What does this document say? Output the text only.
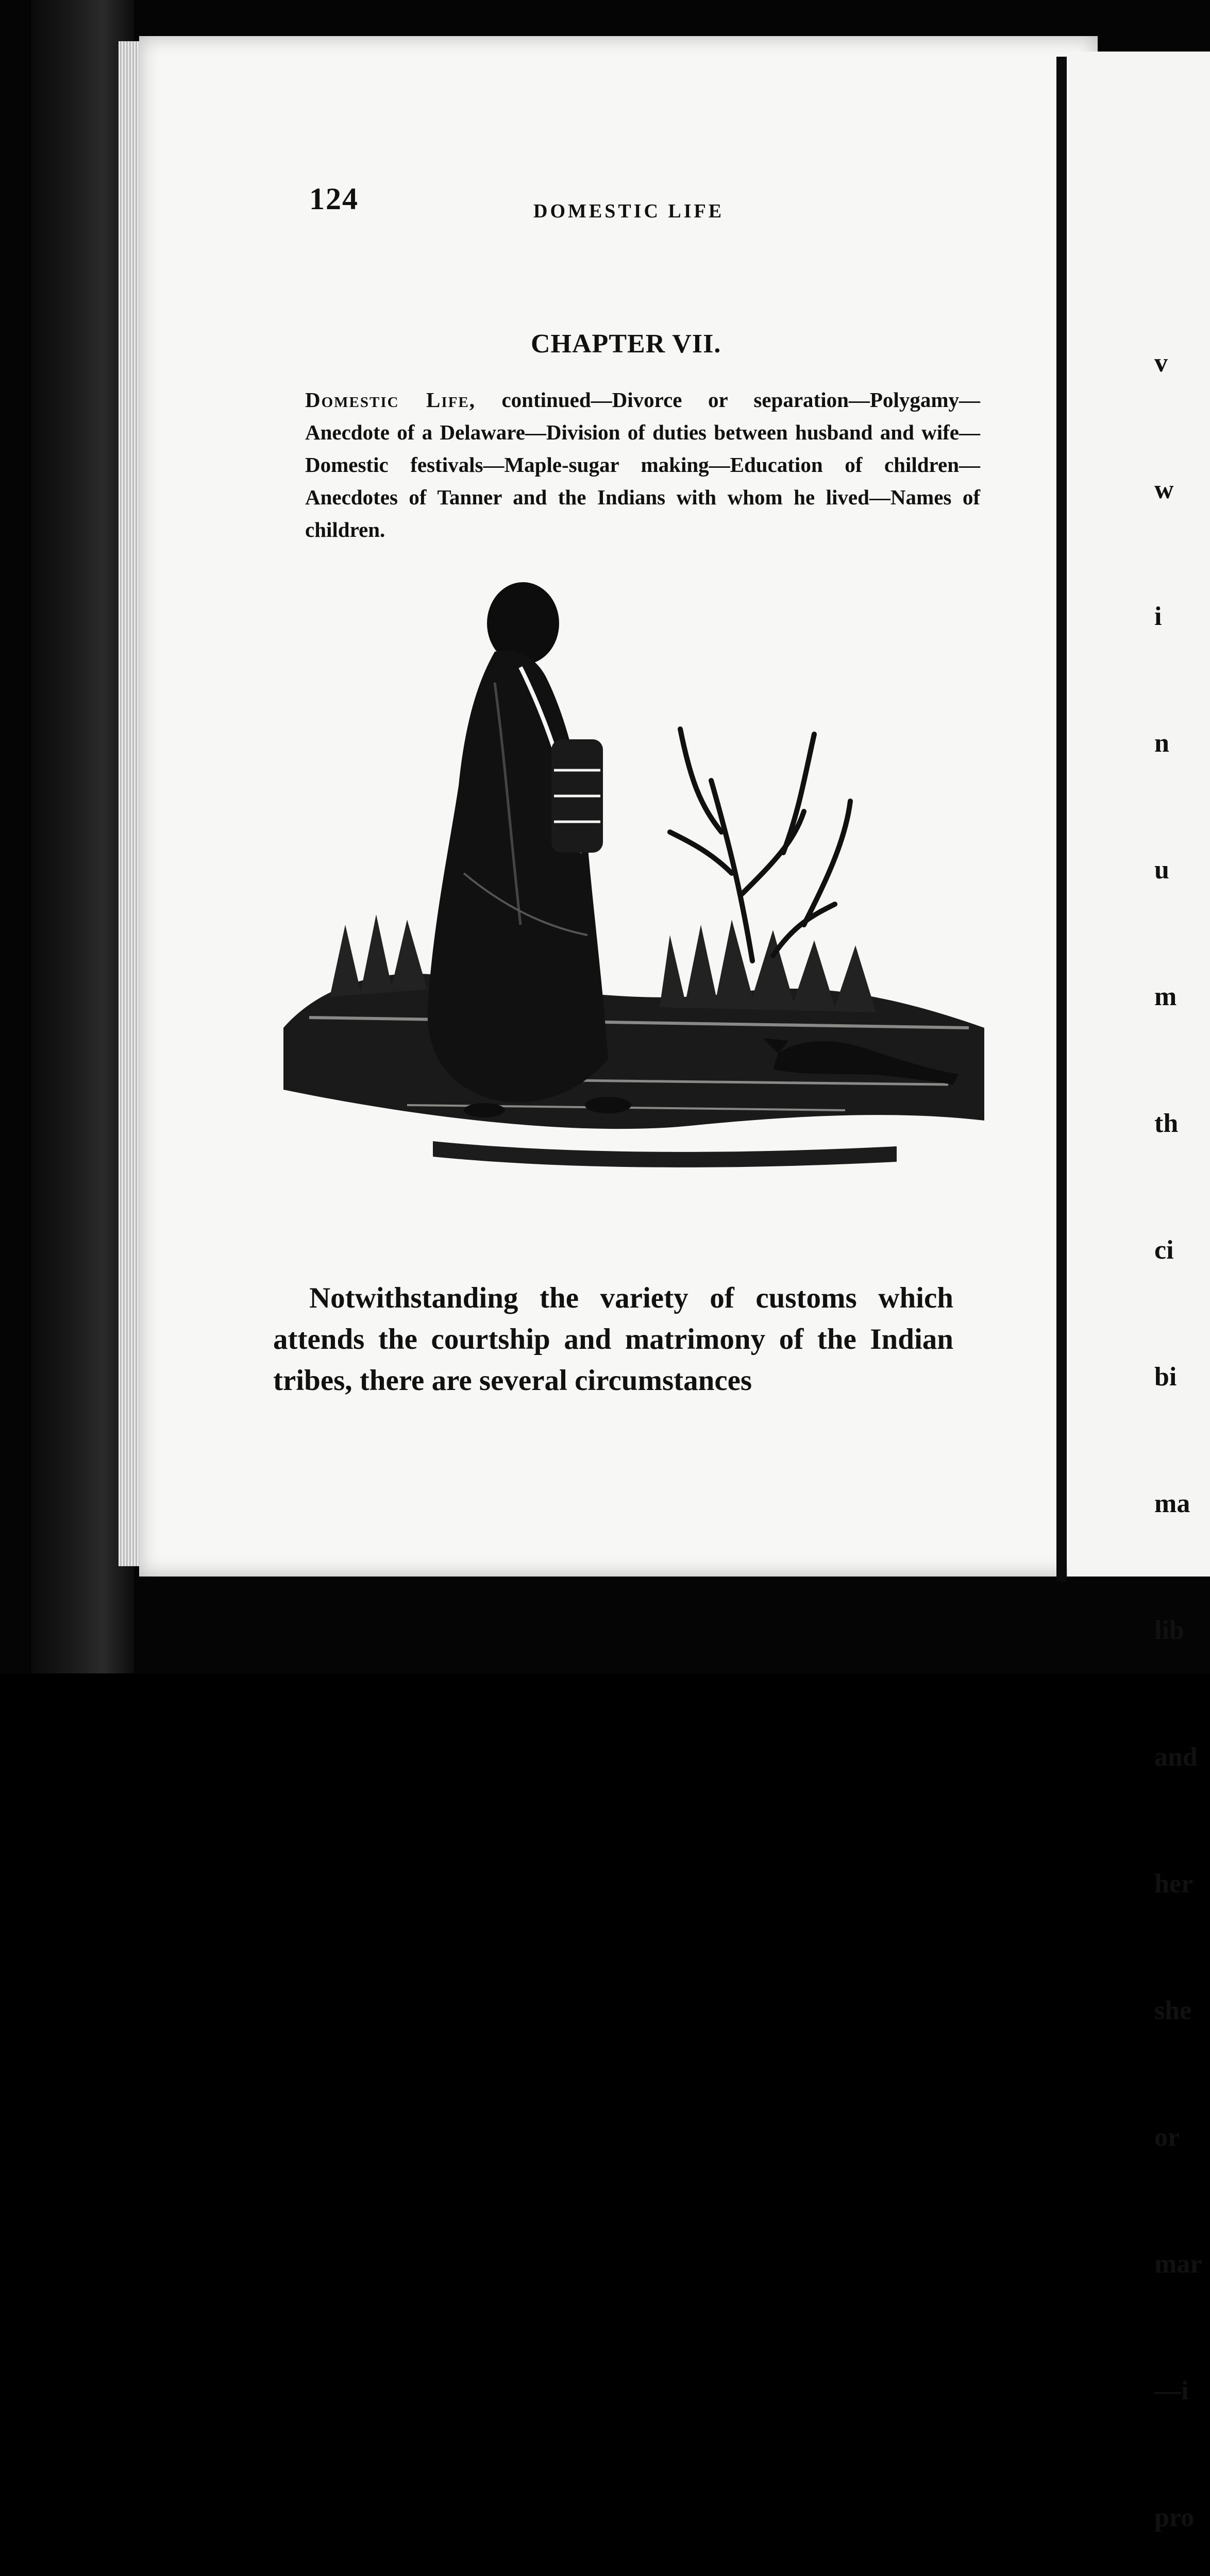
124	DOMESTIC LIFE
CHAPTER VII.
Domestic Life, continued—Divorce or separation—Polygamy—Anecdote of a Delaware—Division of duties between husband and wife—Domestic festivals—Maple-sugar making—Education of children—Anecdotes of Tanner and the Indians with whom he lived—Names of children.
Notwithstanding the variety of customs which attends the courtship and matrimony of the Indian tribes, there are several circumstances

v

w

i

n

u

m

th

ci

bi

ma

lib

and

her

she

or

mar

—i

pro
